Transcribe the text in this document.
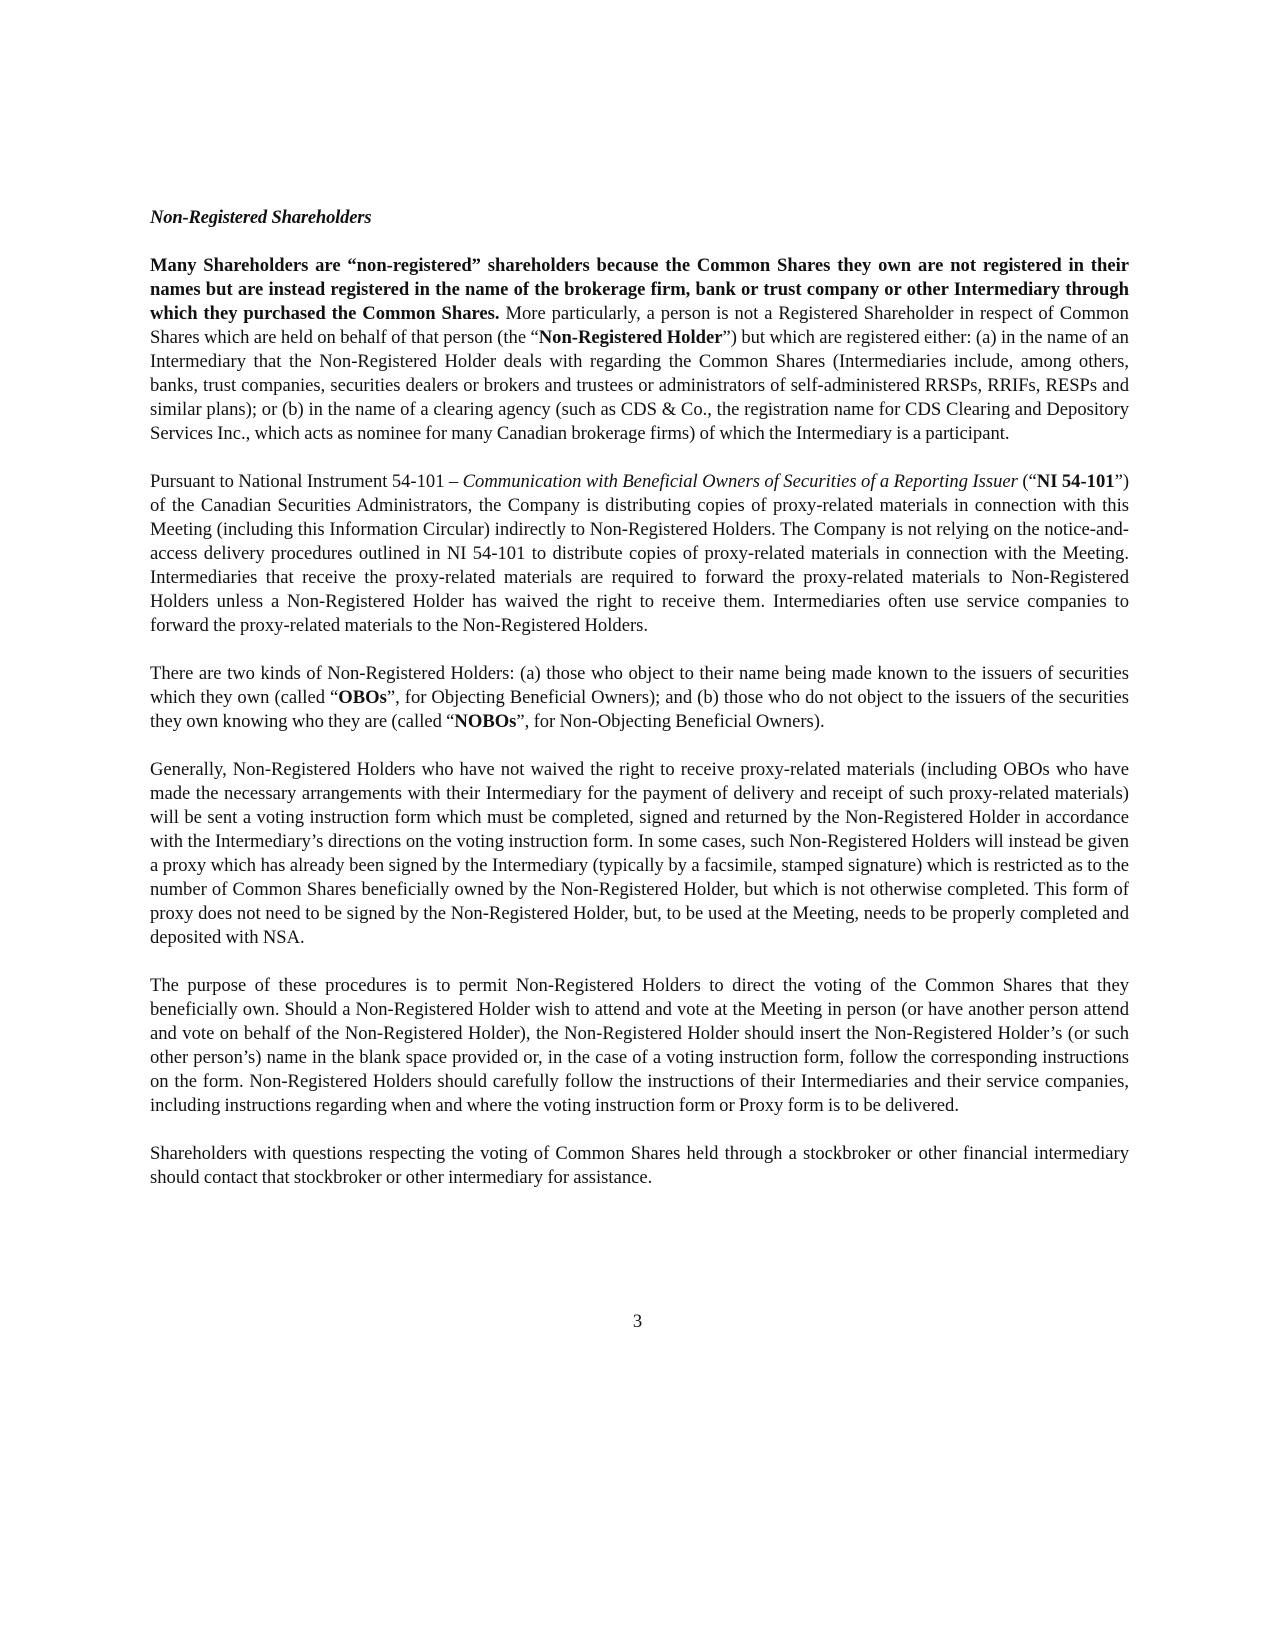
Non-Registered Shareholders

Many Shareholders are “non-registered” shareholders because the Common Shares they own are not registered in their names but are instead registered in the name of the brokerage firm, bank or trust company or other Intermediary through which they purchased the Common Shares. More particularly, a person is not a Registered Shareholder in respect of Common Shares which are held on behalf of that person (the “Non-Registered Holder”) but which are registered either: (a) in the name of an Intermediary that the Non-Registered Holder deals with regarding the Common Shares (Intermediaries include, among others, banks, trust companies, securities dealers or brokers and trustees or administrators of self-administered RRSPs, RRIFs, RESPs and similar plans); or (b) in the name of a clearing agency (such as CDS & Co., the registration name for CDS Clearing and Depository Services Inc., which acts as nominee for many Canadian brokerage firms) of which the Intermediary is a participant.

Pursuant to National Instrument 54-101 – Communication with Beneficial Owners of Securities of a Reporting Issuer (“NI 54-101”) of the Canadian Securities Administrators, the Company is distributing copies of proxy-related materials in connection with this Meeting (including this Information Circular) indirectly to Non-Registered Holders. The Company is not relying on the notice-and-access delivery procedures outlined in NI 54-101 to distribute copies of proxy-related materials in connection with the Meeting. Intermediaries that receive the proxy-related materials are required to forward the proxy-related materials to Non-Registered Holders unless a Non-Registered Holder has waived the right to receive them. Intermediaries often use service companies to forward the proxy-related materials to the Non-Registered Holders.

There are two kinds of Non-Registered Holders: (a) those who object to their name being made known to the issuers of securities which they own (called “OBOs”, for Objecting Beneficial Owners); and (b) those who do not object to the issuers of the securities they own knowing who they are (called “NOBOs”, for Non-Objecting Beneficial Owners).

Generally, Non-Registered Holders who have not waived the right to receive proxy-related materials (including OBOs who have made the necessary arrangements with their Intermediary for the payment of delivery and receipt of such proxy-related materials) will be sent a voting instruction form which must be completed, signed and returned by the Non-Registered Holder in accordance with the Intermediary’s directions on the voting instruction form. In some cases, such Non-Registered Holders will instead be given a proxy which has already been signed by the Intermediary (typically by a facsimile, stamped signature) which is restricted as to the number of Common Shares beneficially owned by the Non-Registered Holder, but which is not otherwise completed. This form of proxy does not need to be signed by the Non-Registered Holder, but, to be used at the Meeting, needs to be properly completed and deposited with NSA.

The purpose of these procedures is to permit Non-Registered Holders to direct the voting of the Common Shares that they beneficially own. Should a Non-Registered Holder wish to attend and vote at the Meeting in person (or have another person attend and vote on behalf of the Non-Registered Holder), the Non-Registered Holder should insert the Non-Registered Holder’s (or such other person’s) name in the blank space provided or, in the case of a voting instruction form, follow the corresponding instructions on the form. Non-Registered Holders should carefully follow the instructions of their Intermediaries and their service companies, including instructions regarding when and where the voting instruction form or Proxy form is to be delivered.

Shareholders with questions respecting the voting of Common Shares held through a stockbroker or other financial intermediary should contact that stockbroker or other intermediary for assistance.

3
